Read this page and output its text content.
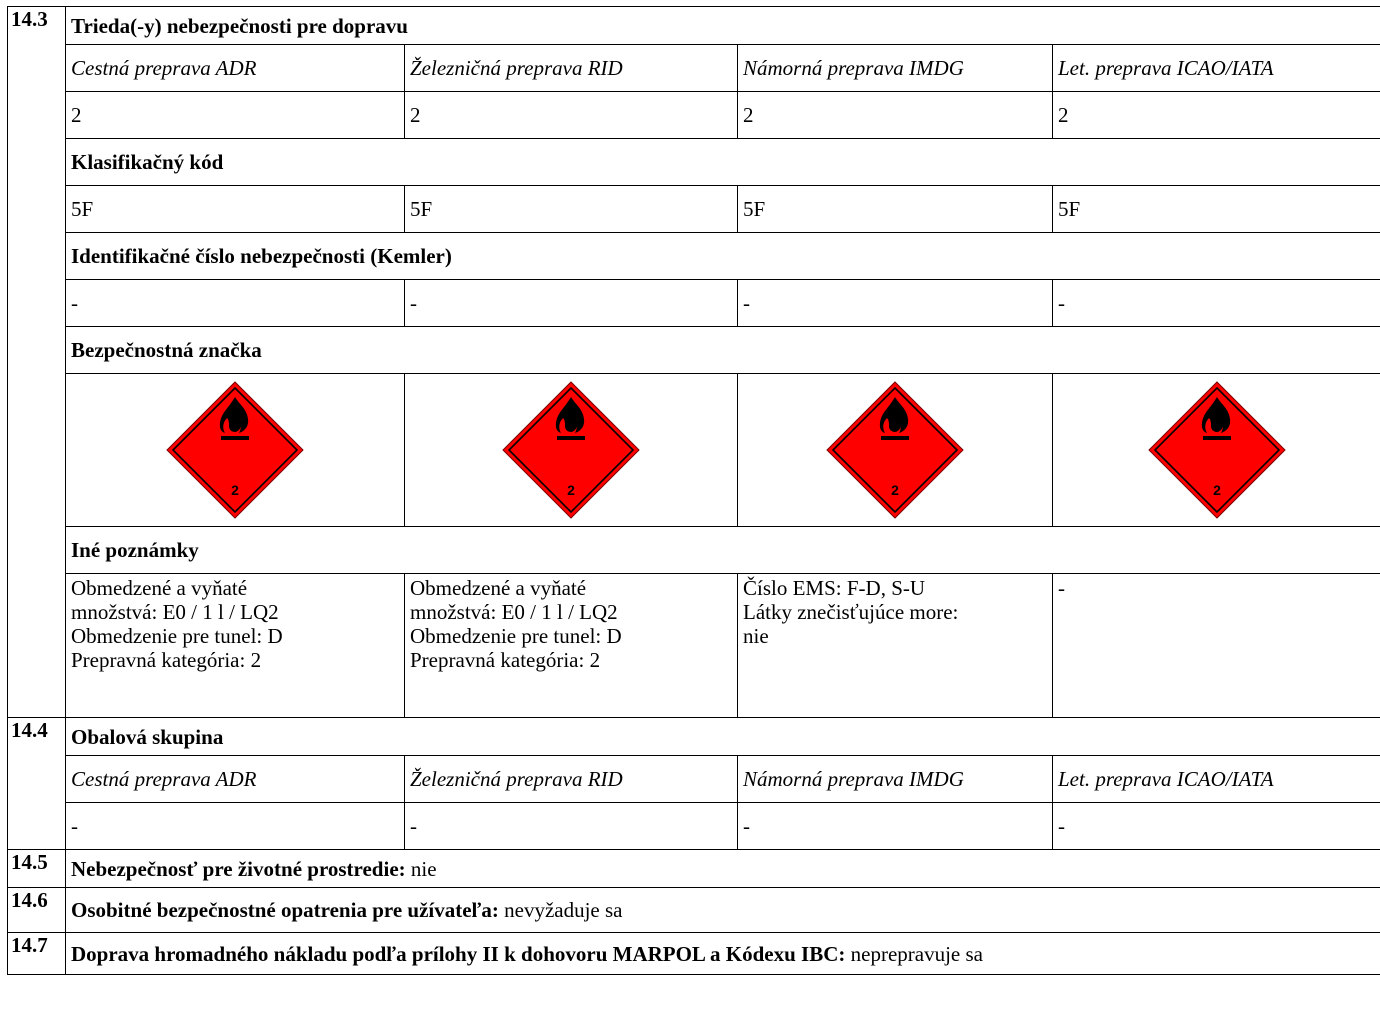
14.3	Trieda(-y) nebezpečnosti pre dopravu			
	Cestná preprava ADR	Železničná preprava RID	Námorná preprava IMDG	Let. preprava ICAO/IATA
	2	2	2	2
	Klasifikačný kód			
	5F	5F	5F	5F
	Identifikačné číslo nebezpečnosti (Kemler)			
	-	-	-	-
	Bezpečnostná značka			

2	2	2	2

	Iné poznámky			

	Obmedzené a vyňaté
množstvá: E0 / 1 l / LQ2
Obmedzenie pre tunel: D
Prepravná kategória: 2	Obmedzené a vyňaté
množstvá: E0 / 1 l / LQ2
Obmedzenie pre tunel: D
Prepravná kategória: 2	Číslo EMS: F-D, S-U
Látky znečisťujúce more:
nie	-

14.4	Obalová skupina			
	Cestná preprava ADR	Železničná preprava RID	Námorná preprava IMDG	Let. preprava ICAO/IATA
	-	-	-	-
14.5	Nebezpečnosť pre životné prostredie: nie			
14.6	Osobitné bezpečnostné opatrenia pre užívateľa: nevyžaduje sa			
14.7	Doprava hromadného nákladu podľa prílohy II k dohovoru MARPOL a Kódexu IBC: neprepravuje sa			
